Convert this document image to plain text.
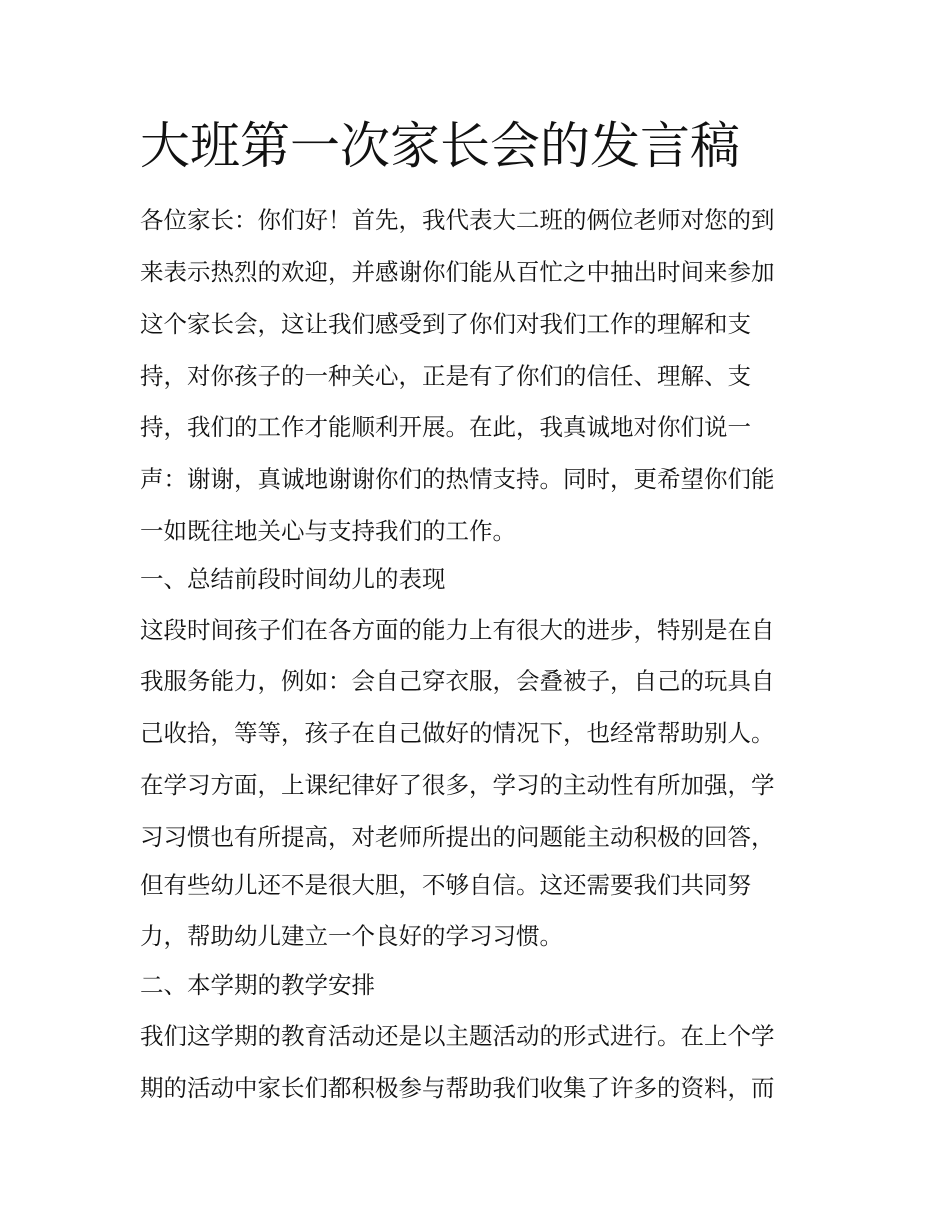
大班第一次家长会的发言稿

各位家长：你们好！首先，我代表大二班的俩位老师对您的到

来表示热烈的欢迎，并感谢你们能从百忙之中抽出时间来参加

这个家长会，这让我们感受到了你们对我们工作的理解和支

持，对你孩子的一种关心，正是有了你们的信任、理解、支

持，我们的工作才能顺利开展。在此，我真诚地对你们说一

声：谢谢，真诚地谢谢你们的热情支持。同时，更希望你们能

一如既往地关心与支持我们的工作。

一、总结前段时间幼儿的表现

这段时间孩子们在各方面的能力上有很大的进步，特别是在自

我服务能力，例如：会自己穿衣服，会叠被子，自己的玩具自

己收拾，等等，孩子在自己做好的情况下，也经常帮助别人。

在学习方面，上课纪律好了很多，学习的主动性有所加强，学

习习惯也有所提高，对老师所提出的问题能主动积极的回答，

但有些幼儿还不是很大胆，不够自信。这还需要我们共同努

力，帮助幼儿建立一个良好的学习习惯。

二、本学期的教学安排

我们这学期的教育活动还是以主题活动的形式进行。在上个学

期的活动中家长们都积极参与帮助我们收集了许多的资料，而
